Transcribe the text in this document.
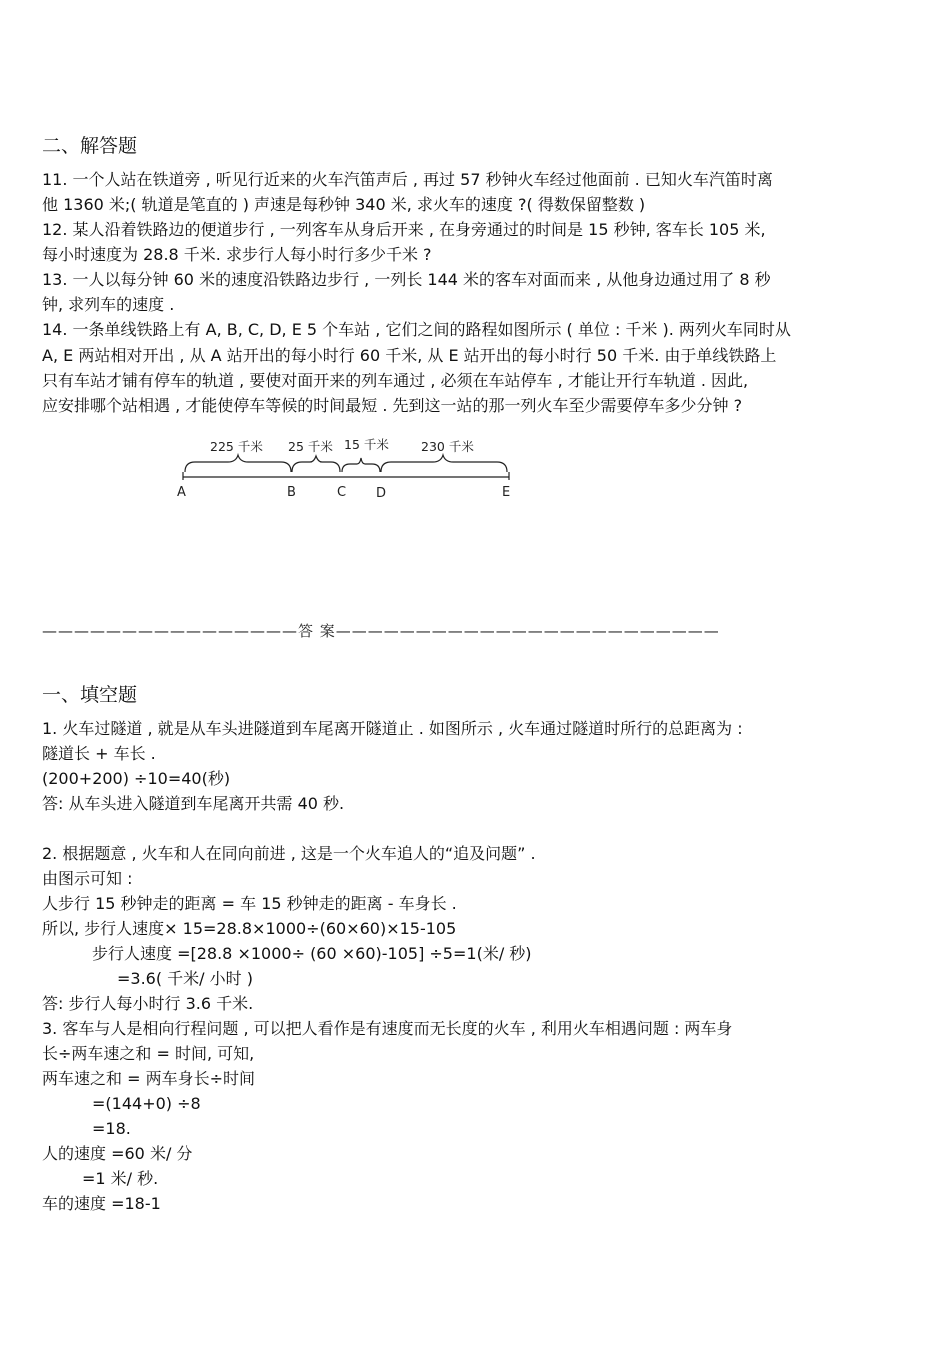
二、解答题
11. 一个人站在铁道旁 , 听见行近来的火车汽笛声后 , 再过 57 秒钟火车经过他面前 . 已知火车汽笛时离
他 1360 米;( 轨道是笔直的 ) 声速是每秒钟 340 米, 求火车的速度 ?( 得数保留整数 )
12. 某人沿着铁路边的便道步行 , 一列客车从身后开来 , 在身旁通过的时间是 15 秒钟, 客车长 105 米,
每小时速度为 28.8 千米. 求步行人每小时行多少千米 ?
13. 一人以每分钟 60 米的速度沿铁路边步行 , 一列长 144 米的客车对面而来 , 从他身边通过用了 8 秒
钟, 求列车的速度 .
14. 一条单线铁路上有 A, B, C, D, E 5 个车站 , 它们之间的路程如图所示 ( 单位 : 千米 ). 两列火车同时从
A, E 两站相对开出 , 从 A 站开出的每小时行 60 千米, 从 E 站开出的每小时行 50 千米. 由于单线铁路上
只有车站才铺有停车的轨道 , 要使对面开来的列车通过 , 必须在车站停车 , 才能让开行车轨道 . 因此,
应安排哪个站相遇 , 才能使停车等候的时间最短 . 先到这一站的那一列火车至少需要停车多少分钟 ?
225 千米 25 千米 15 千米	230 千米
A	B	C D	E
————————————————答 案————————————————————————
一、填空题
1. 火车过隧道 , 就是从车头进隧道到车尾离开隧道止 . 如图所示 , 火车通过隧道时所行的总距离为 :
隧道长 + 车长 .
(200+200) ÷10=40(秒)
答: 从车头进入隧道到车尾离开共需 40 秒.
2. 根据题意 , 火车和人在同向前进 , 这是一个火车追人的“追及问题” .
由图示可知 :
人步行 15 秒钟走的距离 = 车 15 秒钟走的距离 - 车身长 .
所以, 步行人速度× 15=28.8×1000÷(60×60)×15-105
步行人速度 =[28.8 ×1000÷ (60 ×60)-105] ÷5=1(米/ 秒)
=3.6( 千米/ 小时 )
答: 步行人每小时行 3.6 千米.
3. 客车与人是相向行程问题 , 可以把人看作是有速度而无长度的火车 , 利用火车相遇问题 : 两车身
长÷两车速之和 = 时间, 可知,
两车速之和 = 两车身长÷时间
=(144+0) ÷8
=18.
人的速度 =60 米/ 分
=1 米/ 秒.
车的速度 =18-1
